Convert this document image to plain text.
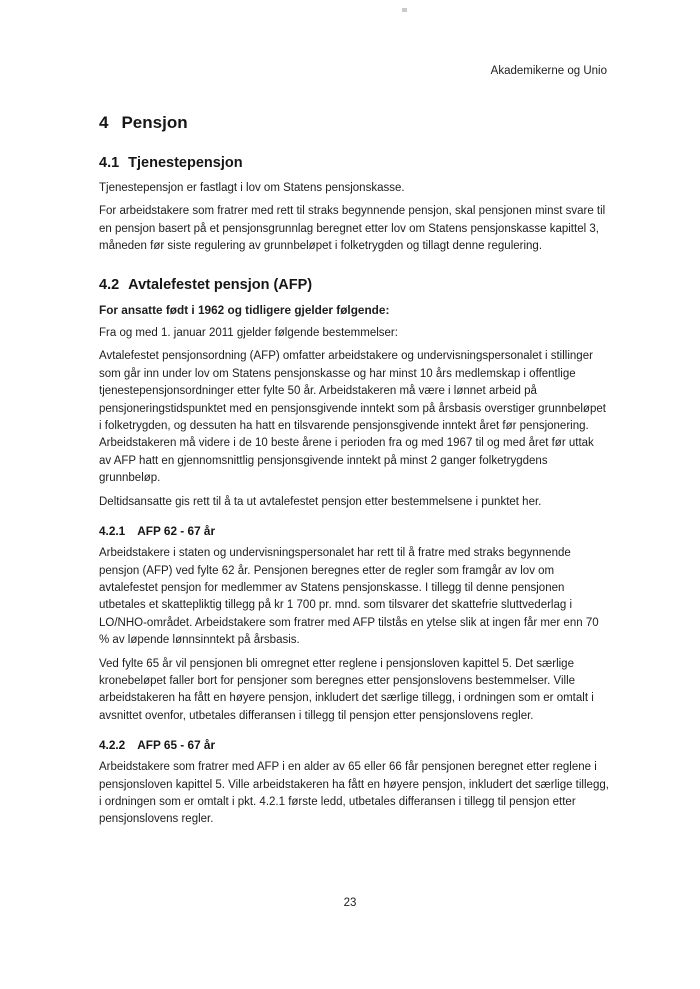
Akademikerne og Unio
4 Pensjon
4.1 Tjenestepensjon

Tjenestepensjon er fastlagt i lov om Statens pensjonskasse.

For arbeidstakere som fratrer med rett til straks begynnende pensjon, skal pensjonen minst svare til en pensjon basert på et pensjonsgrunnlag beregnet etter lov om Statens pensjonskasse kapittel 3, måneden før siste regulering av grunnbeløpet i folketrygden og tillagt denne regulering.

4.2 Avtalefestet pensjon (AFP)

For ansatte født i 1962 og tidligere gjelder følgende:

Fra og med 1. januar 2011 gjelder følgende bestemmelser:

Avtalefestet pensjonsordning (AFP) omfatter arbeidstakere og undervisningspersonalet i stillinger som går inn under lov om Statens pensjonskasse og har minst 10 års medlemskap i offentlige tjenestepensjonsordninger etter fylte 50 år. Arbeidstakeren må være i lønnet arbeid på pensjoneringstidspunktet med en pensjonsgivende inntekt som på årsbasis overstiger grunnbeløpet i folketrygden, og dessuten ha hatt en tilsvarende pensjonsgivende inntekt året før pensjonering. Arbeidstakeren må videre i de 10 beste årene i perioden fra og med 1967 til og med året før uttak av AFP hatt en gjennomsnittlig pensjonsgivende inntekt på minst 2 ganger folketrygdens grunnbeløp.

Deltidsansatte gis rett til å ta ut avtalefestet pensjon etter bestemmelsene i punktet her.

4.2.1 AFP 62 - 67 år

Arbeidstakere i staten og undervisningspersonalet har rett til å fratre med straks begynnende pensjon (AFP) ved fylte 62 år. Pensjonen beregnes etter de regler som framgår av lov om avtalefestet pensjon for medlemmer av Statens pensjonskasse. I tillegg til denne pensjonen utbetales et skattepliktig tillegg på kr 1 700 pr. mnd. som tilsvarer det skattefrie sluttvederlag i LO/NHO-området. Arbeidstakere som fratrer med AFP tilstås en ytelse slik at ingen får mer enn 70 % av løpende lønnsinntekt på årsbasis.

Ved fylte 65 år vil pensjonen bli omregnet etter reglene i pensjonsloven kapittel 5. Det særlige kronebeløpet faller bort for pensjoner som beregnes etter pensjonslovens bestemmelser. Ville arbeidstakeren ha fått en høyere pensjon, inkludert det særlige tillegg, i ordningen som er omtalt i avsnittet ovenfor, utbetales differansen i tillegg til pensjon etter pensjonslovens regler.

4.2.2 AFP 65 - 67 år

Arbeidstakere som fratrer med AFP i en alder av 65 eller 66 får pensjonen beregnet etter reglene i pensjonsloven kapittel 5. Ville arbeidstakeren ha fått en høyere pensjon, inkludert det særlige tillegg, i ordningen som er omtalt i pkt. 4.2.1 første ledd, utbetales differansen i tillegg til pensjon etter pensjonslovens regler.

23
